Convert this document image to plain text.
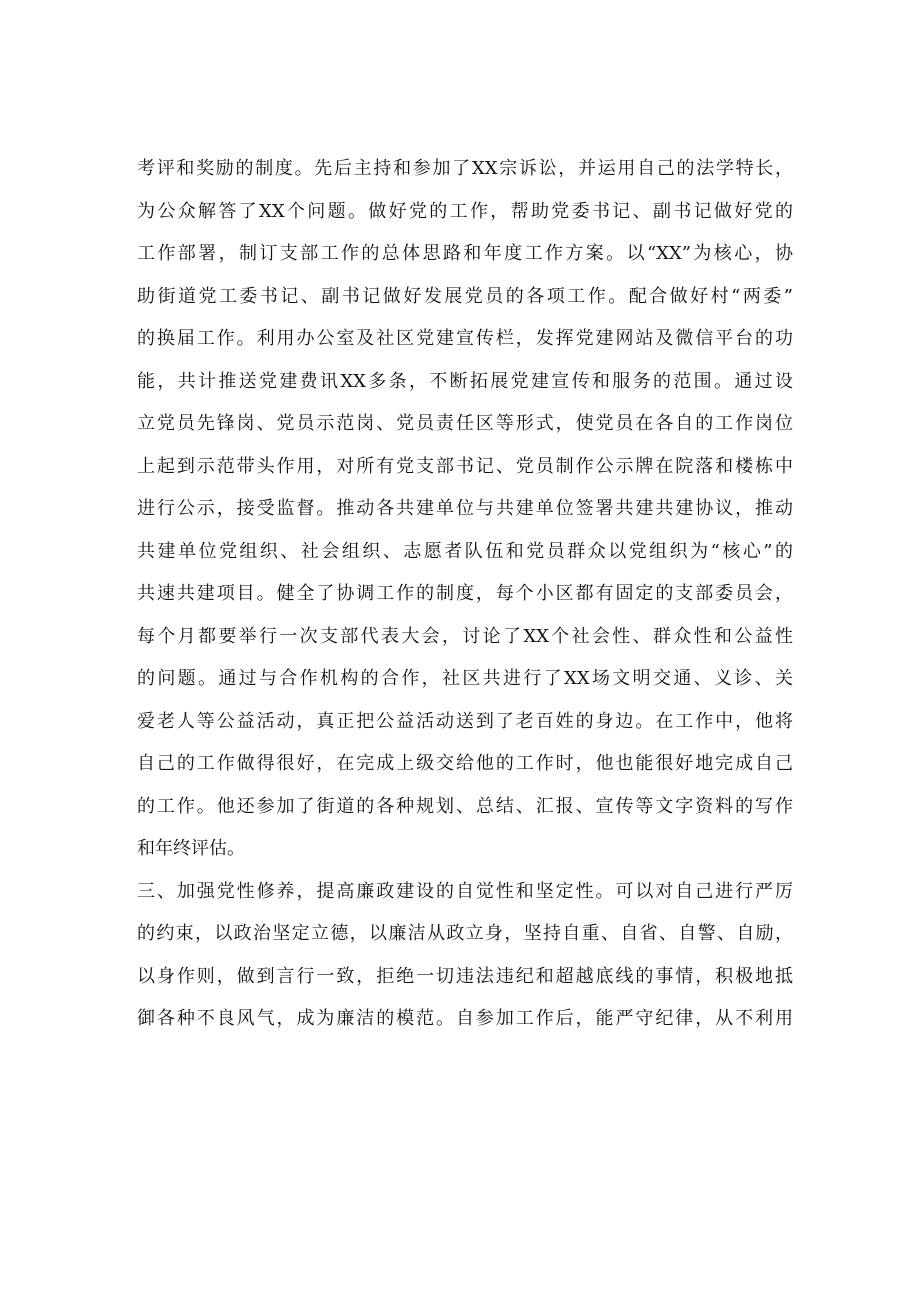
考评和奖励的制度。先后主持和参加了XX宗诉讼，并运用自己的法学特长，
为公众解答了XX个问题。做好党的工作，帮助党委书记、副书记做好党的
工作部署，制订支部工作的总体思路和年度工作方案。以“XX”为核心，协
助街道党工委书记、副书记做好发展党员的各项工作。配合做好村“两委”
的换届工作。利用办公室及社区党建宣传栏，发挥党建网站及微信平台的功
能，共计推送党建费讯XX多条，不断拓展党建宣传和服务的范围。通过设
立党员先锋岗、党员示范岗、党员责任区等形式，使党员在各自的工作岗位
上起到示范带头作用，对所有党支部书记、党员制作公示牌在院落和楼栋中
进行公示，接受监督。推动各共建单位与共建单位签署共建共建协议，推动
共建单位党组织、社会组织、志愿者队伍和党员群众以党组织为“核心”的
共速共建项目。健全了协调工作的制度，每个小区都有固定的支部委员会，
每个月都要举行一次支部代表大会，讨论了XX个社会性、群众性和公益性
的问题。通过与合作机构的合作，社区共进行了XX场文明交通、义诊、关
爱老人等公益活动，真正把公益活动送到了老百姓的身边。在工作中，他将
自己的工作做得很好，在完成上级交给他的工作时，他也能很好地完成自己
的工作。他还参加了街道的各种规划、总结、汇报、宣传等文字资料的写作
和年终评估。
三、加强党性修养，提高廉政建设的自觉性和坚定性。可以对自己进行严厉
的约束，以政治坚定立德，以廉洁从政立身，坚持自重、自省、自警、自励，
以身作则，做到言行一致，拒绝一切违法违纪和超越底线的事情，积极地抵
御各种不良风气，成为廉洁的模范。自参加工作后，能严守纪律，从不利用
